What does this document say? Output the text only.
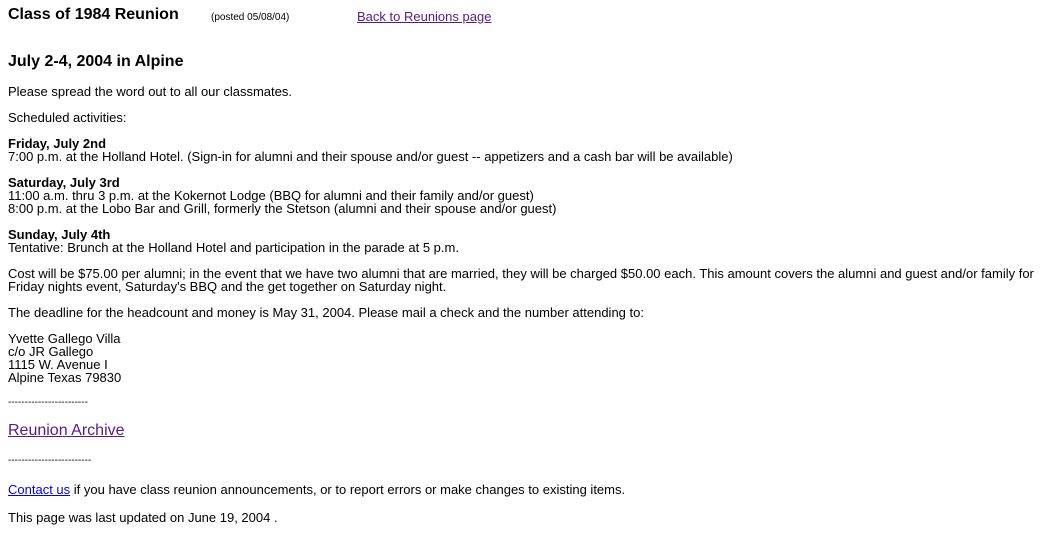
Class of 1984 Reunion	(posted 05/08/04)	Back to Reunions page
July 2-4, 2004 in Alpine
Please spread the word out to all our classmates.
Scheduled activities:
Friday, July 2nd
7:00 p.m. at the Holland Hotel. (Sign-in for alumni and their spouse and/or guest -- appetizers and a cash bar will be available)
Saturday, July 3rd
11:00 a.m. thru 3 p.m. at the Kokernot Lodge (BBQ for alumni and their family and/or guest)
8:00 p.m. at the Lobo Bar and Grill, formerly the Stetson (alumni and their spouse and/or guest)
Sunday, July 4th
Tentative: Brunch at the Holland Hotel and participation in the parade at 5 p.m.
Cost will be $75.00 per alumni; in the event that we have two alumni that are married, they will be charged $50.00 each. This amount covers the alumni and guest and/or family for
Friday nights event, Saturday's BBQ and the get together on Saturday night.
The deadline for the headcount and money is May 31, 2004. Please mail a check and the number attending to:
Yvette Gallego Villa
c/o JR Gallego
1115 W. Avenue I
Alpine Texas 79830
------------------------
Reunion Archive
-------------------------
Contact us if you have class reunion announcements, or to report errors or make changes to existing items.
This page was last updated on June 19, 2004 .
